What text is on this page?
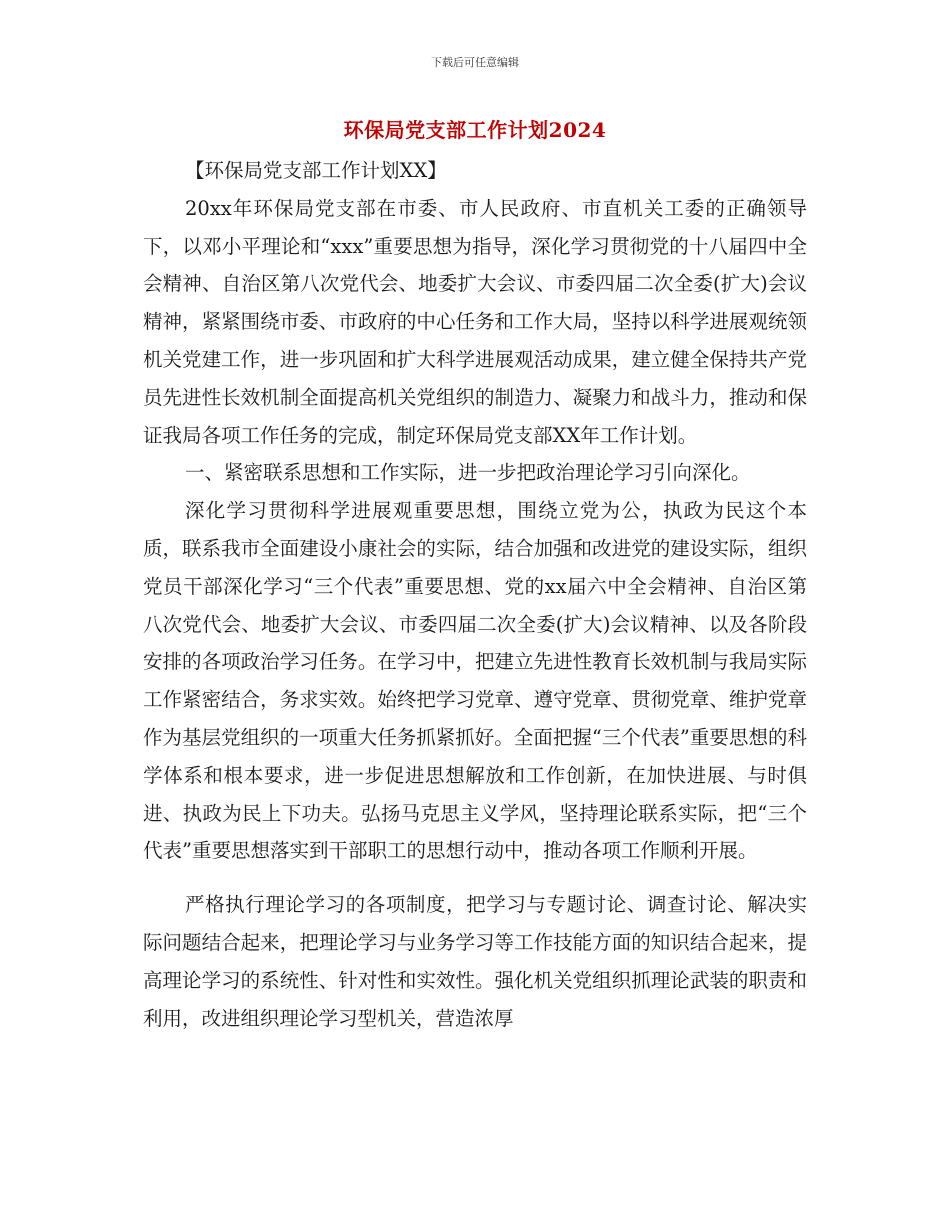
下载后可任意编辑

环保局党支部工作计划2024

【环保局党支部工作计划XX】

20xx年环保局党支部在市委、市人民政府、市直机关工委的正确领导下，以邓小平理论和“xxx”重要思想为指导，深化学习贯彻党的十八届四中全会精神、自治区第八次党代会、地委扩大会议、市委四届二次全委(扩大)会议精神，紧紧围绕市委、市政府的中心任务和工作大局，坚持以科学进展观统领机关党建工作，进一步巩固和扩大科学进展观活动成果，建立健全保持共产党员先进性长效机制全面提高机关党组织的制造力、凝聚力和战斗力，推动和保证我局各项工作任务的完成，制定环保局党支部XX年工作计划。

一、紧密联系思想和工作实际，进一步把政治理论学习引向深化。

深化学习贯彻科学进展观重要思想，围绕立党为公，执政为民这个本质，联系我市全面建设小康社会的实际，结合加强和改进党的建设实际，组织党员干部深化学习“三个代表”重要思想、党的xx届六中全会精神、自治区第八次党代会、地委扩大会议、市委四届二次全委(扩大)会议精神、以及各阶段安排的各项政治学习任务。在学习中，把建立先进性教育长效机制与我局实际工作紧密结合，务求实效。始终把学习党章、遵守党章、贯彻党章、维护党章作为基层党组织的一项重大任务抓紧抓好。全面把握“三个代表”重要思想的科学体系和根本要求，进一步促进思想解放和工作创新，在加快进展、与时俱进、执政为民上下功夫。弘扬马克思主义学风，坚持理论联系实际，把“三个代表”重要思想落实到干部职工的思想行动中，推动各项工作顺利开展。

严格执行理论学习的各项制度，把学习与专题讨论、调查讨论、解决实际问题结合起来，把理论学习与业务学习等工作技能方面的知识结合起来，提高理论学习的系统性、针对性和实效性。强化机关党组织抓理论武装的职责和利用，改进组织理论学习型机关，营造浓厚
